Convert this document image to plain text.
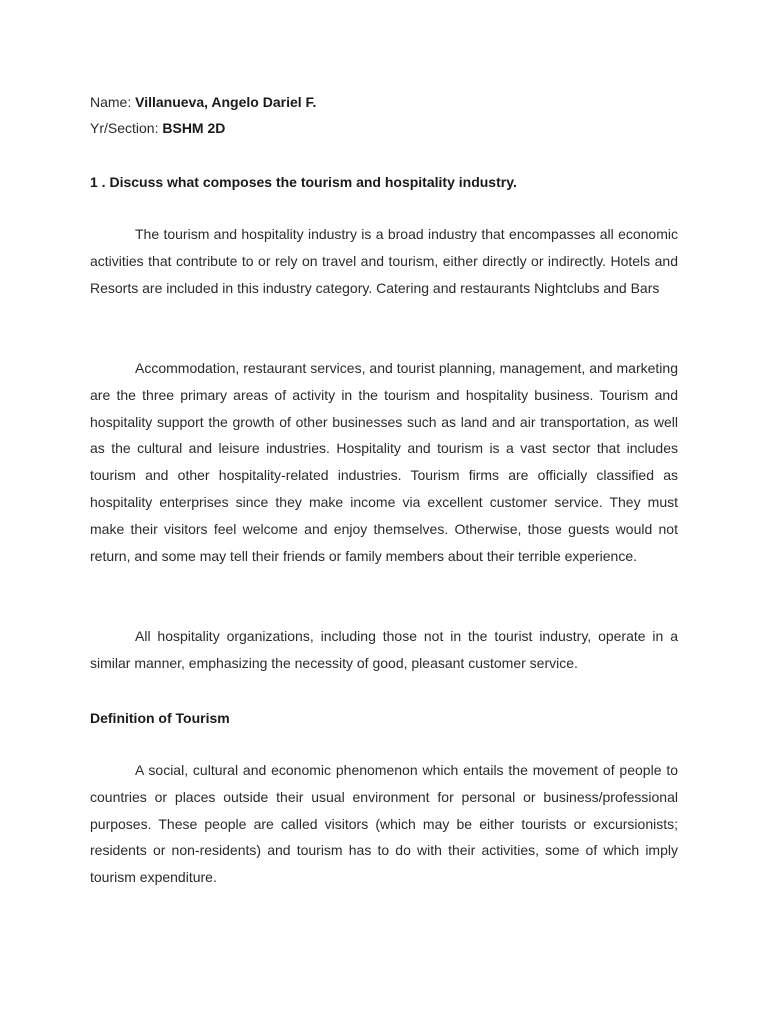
Name: Villanueva, Angelo Dariel F.
Yr/Section: BSHM 2D
1 . Discuss what composes the tourism and hospitality industry.

The tourism and hospitality industry is a broad industry that encompasses all economic activities that contribute to or rely on travel and tourism, either directly or indirectly. Hotels and Resorts are included in this industry category. Catering and restaurants Nightclubs and Bars

Accommodation, restaurant services, and tourist planning, management, and marketing are the three primary areas of activity in the tourism and hospitality business. Tourism and hospitality support the growth of other businesses such as land and air transportation, as well as the cultural and leisure industries. Hospitality and tourism is a vast sector that includes tourism and other hospitality-related industries. Tourism firms are officially classified as hospitality enterprises since they make income via excellent customer service. They must make their visitors feel welcome and enjoy themselves. Otherwise, those guests would not return, and some may tell their friends or family members about their terrible experience.

All hospitality organizations, including those not in the tourist industry, operate in a similar manner, emphasizing the necessity of good, pleasant customer service.

Definition of Tourism

A social, cultural and economic phenomenon which entails the movement of people to countries or places outside their usual environment for personal or business/professional purposes. These people are called visitors (which may be either tourists or excursionists; residents or non-residents) and tourism has to do with their activities, some of which imply tourism expenditure.
